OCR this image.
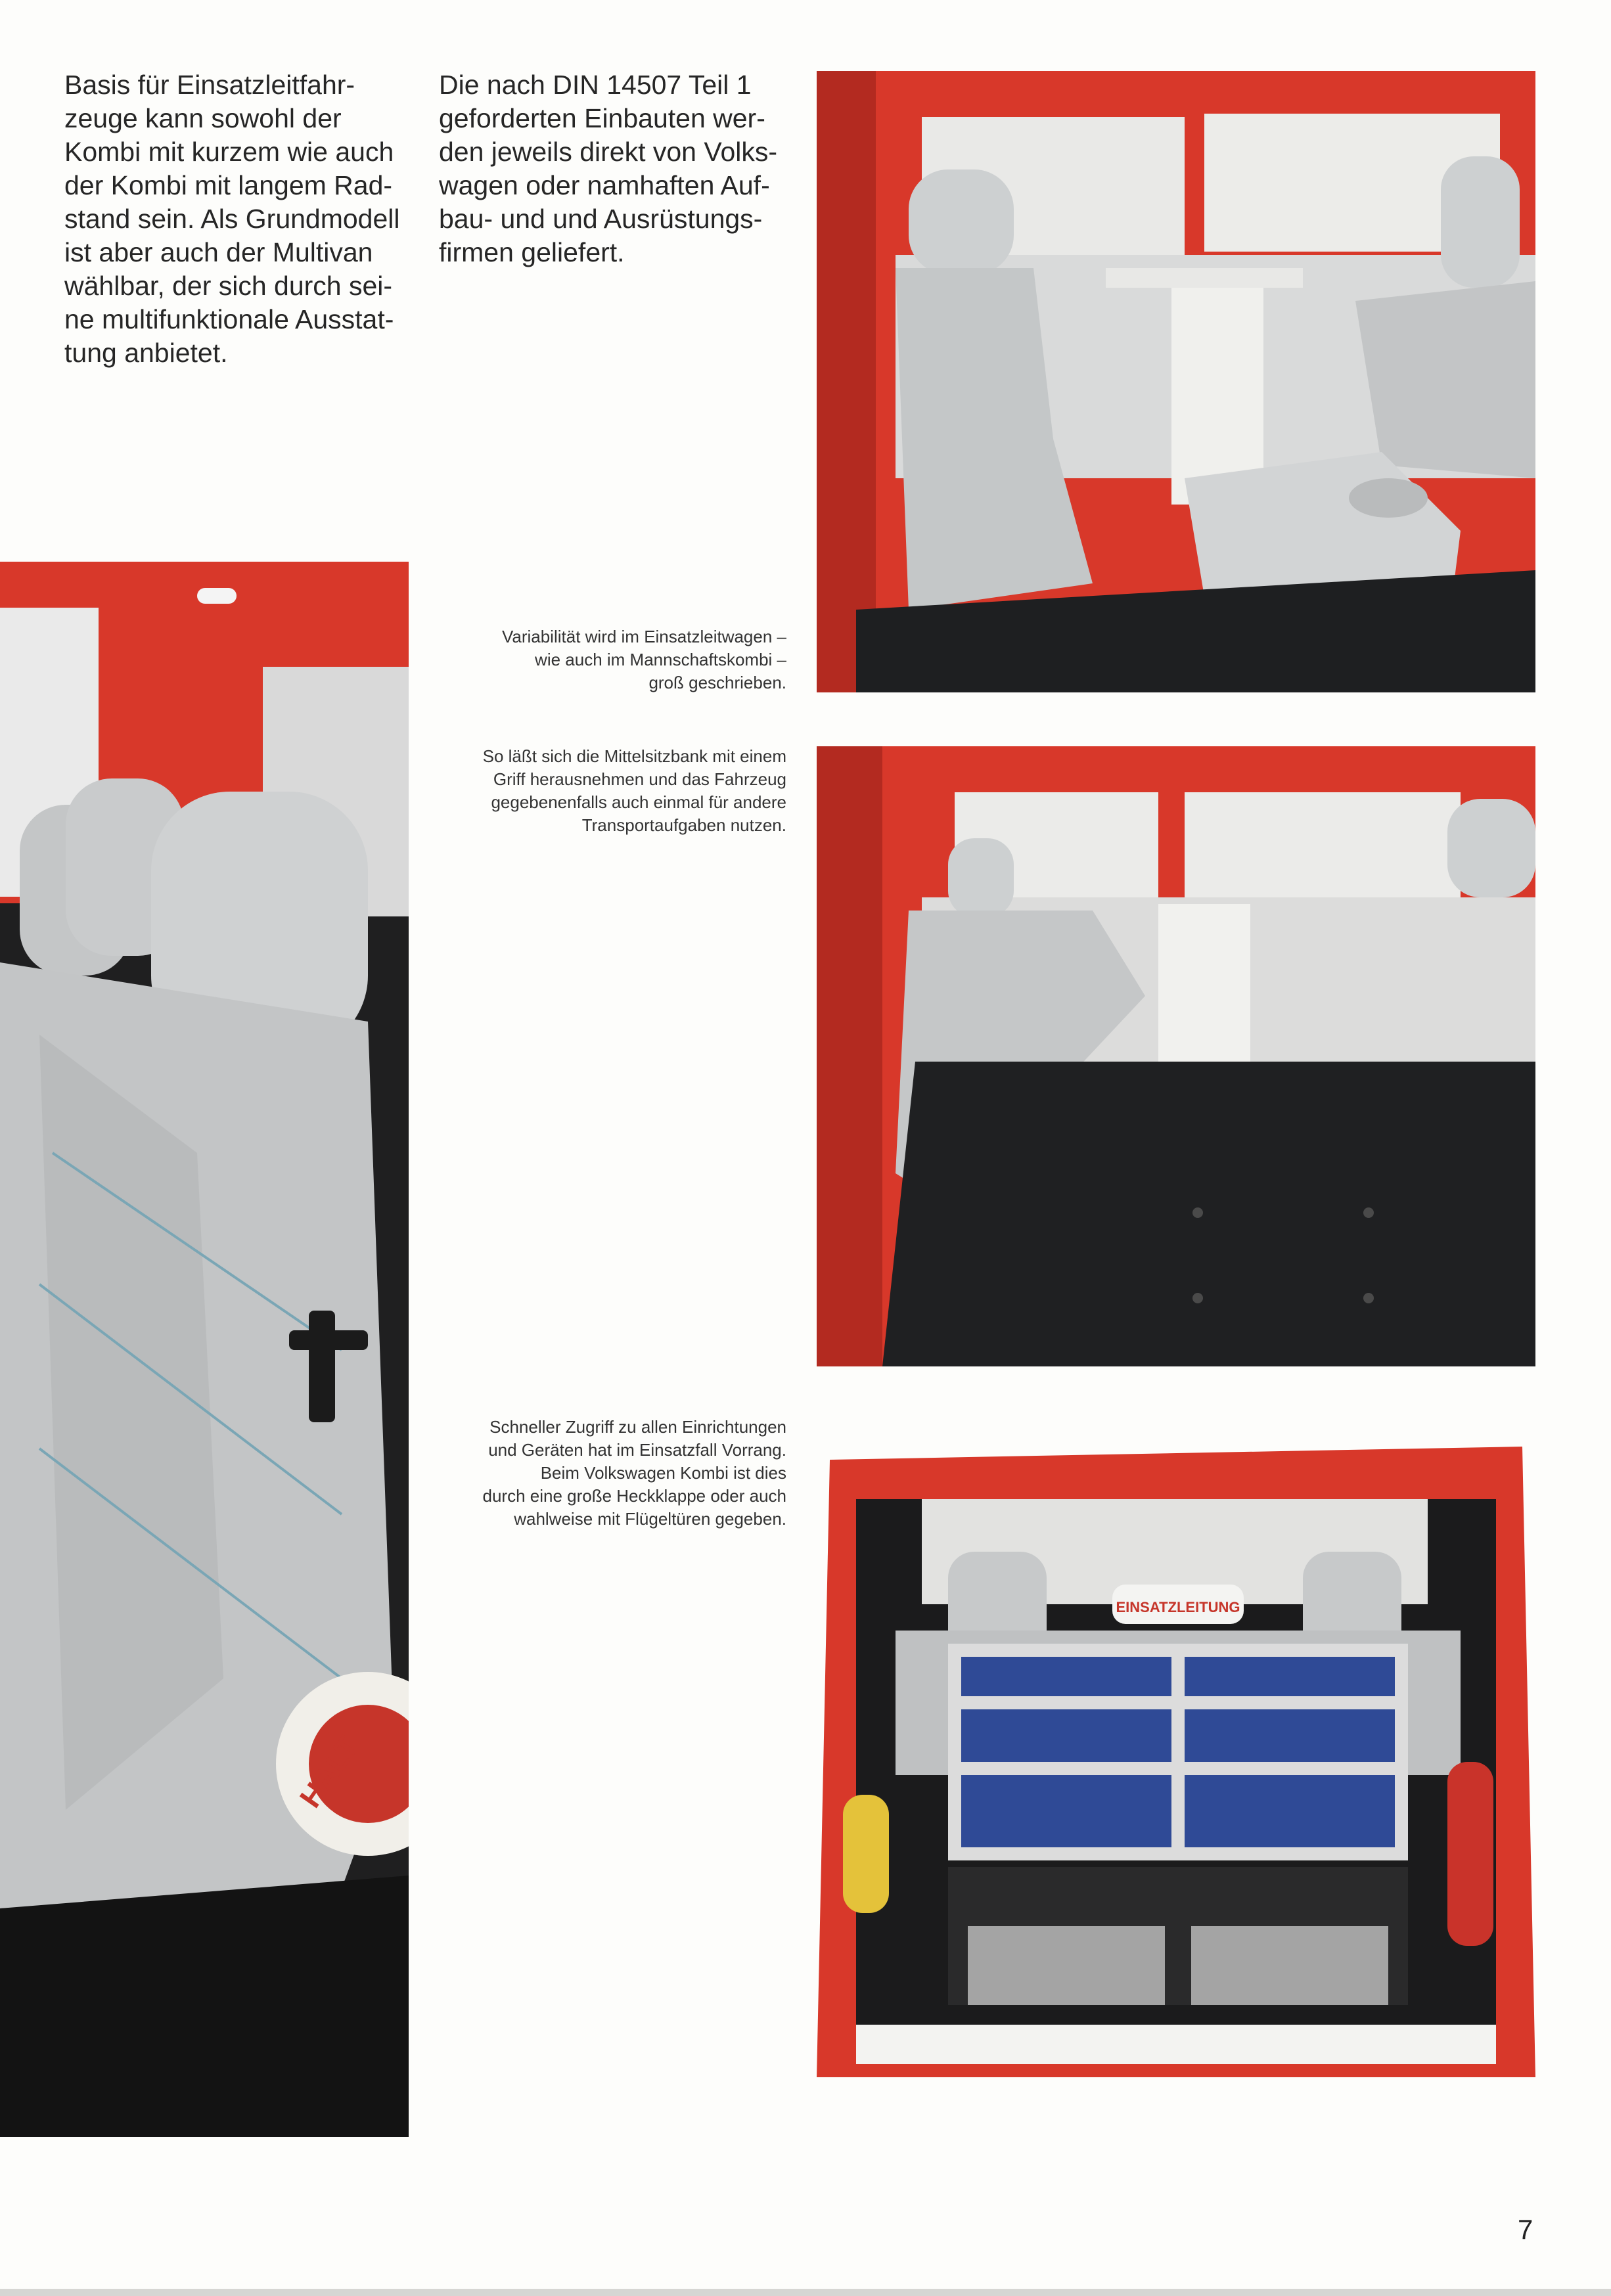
Basis für Einsatzleitfahr-
zeuge kann sowohl der
Kombi mit kurzem wie auch
der Kombi mit langem Rad-
stand sein. Als Grundmodell
ist aber auch der Multivan
wählbar, der sich durch sei-
ne multifunktionale Ausstat-
tung anbietet.

Die nach DIN 14507 Teil 1
geforderten Einbauten wer-
den jeweils direkt von Volks-
wagen oder namhaften Auf-
bau- und und Ausrüstungs-
firmen geliefert.

HALT
EINSATZLEITUNG

Variabilität wird im Einsatzleitwagen –
wie auch im Mannschaftskombi –
groß geschrieben.

So läßt sich die Mittelsitzbank mit einem
Griff herausnehmen und das Fahrzeug
gegebenenfalls auch einmal für andere
Transportaufgaben nutzen.

Schneller Zugriff zu allen Einrichtungen
und Geräten hat im Einsatzfall Vorrang.
Beim Volkswagen Kombi ist dies
durch eine große Heckklappe oder auch
wahlweise mit Flügeltüren gegeben.

7
